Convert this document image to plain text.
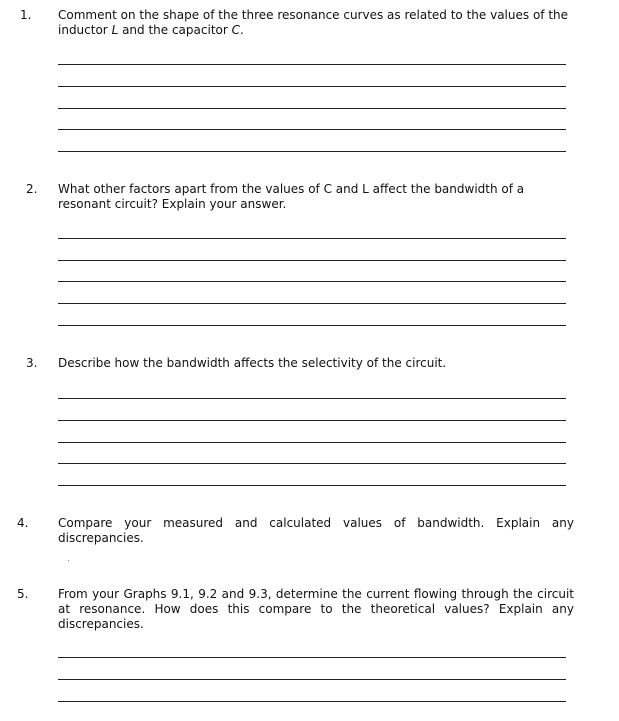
1. Comment on the shape of the three resonance curves as related to the values of the inductor L and the capacitor C.
2. What other factors apart from the values of C and L affect the bandwidth of a resonant circuit? Explain your answer.
3. Describe how the bandwidth affects the selectivity of the circuit.
4. Compare your measured and calculated values of bandwidth. Explain any discrepancies.
5. From your Graphs 9.1, 9.2 and 9.3, determine the current flowing through the circuit at resonance. How does this compare to the theoretical values? Explain any discrepancies.
